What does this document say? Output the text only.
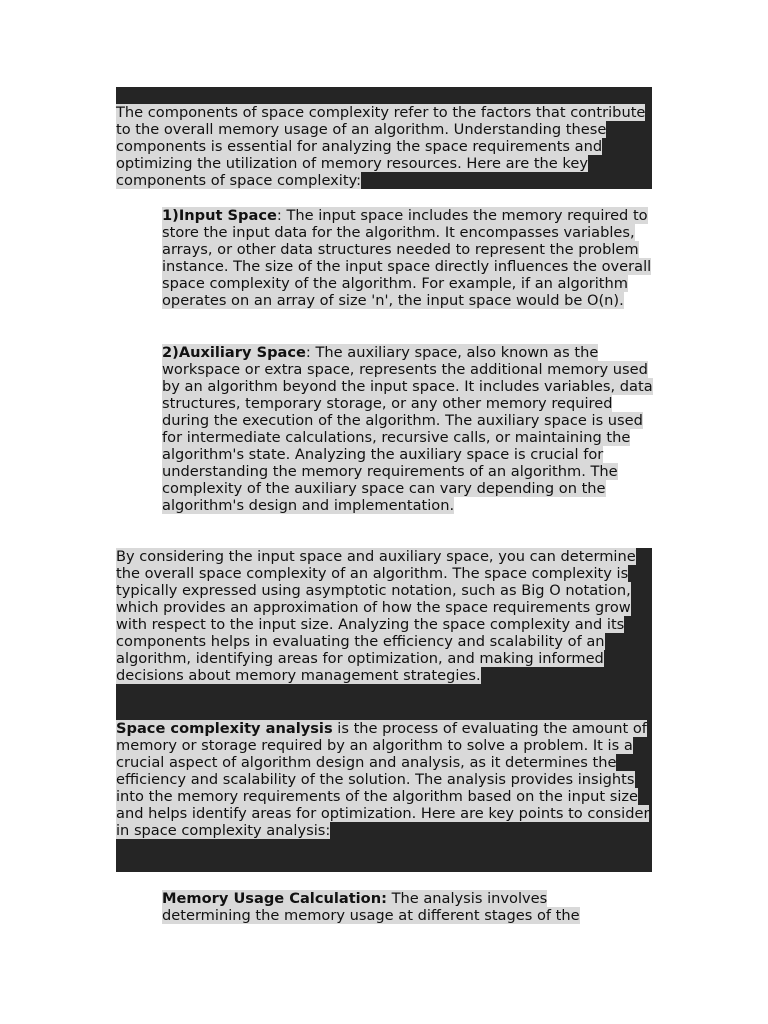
The components of space complexity refer to the factors that contribute to the overall memory usage of an algorithm. Understanding these components is essential for analyzing the space requirements and optimizing the utilization of memory resources. Here are the key components of space complexity:

1)Input Space: The input space includes the memory required to store the input data for the algorithm. It encompasses variables, arrays, or other data structures needed to represent the problem instance. The size of the input space directly influences the overall space complexity of the algorithm. For example, if an algorithm operates on an array of size 'n', the input space would be O(n).

2)Auxiliary Space: The auxiliary space, also known as the workspace or extra space, represents the additional memory used by an algorithm beyond the input space. It includes variables, data structures, temporary storage, or any other memory required during the execution of the algorithm. The auxiliary space is used for intermediate calculations, recursive calls, or maintaining the algorithm's state. Analyzing the auxiliary space is crucial for understanding the memory requirements of an algorithm. The complexity of the auxiliary space can vary depending on the algorithm's design and implementation.

By considering the input space and auxiliary space, you can determine the overall space complexity of an algorithm. The space complexity is typically expressed using asymptotic notation, such as Big O notation, which provides an approximation of how the space requirements grow with respect to the input size. Analyzing the space complexity and its components helps in evaluating the efficiency and scalability of an algorithm, identifying areas for optimization, and making informed decisions about memory management strategies.

Space complexity analysis is the process of evaluating the amount of memory or storage required by an algorithm to solve a problem. It is a crucial aspect of algorithm design and analysis, as it determines the efficiency and scalability of the solution. The analysis provides insights into the memory requirements of the algorithm based on the input size and helps identify areas for optimization. Here are key points to consider in space complexity analysis:

Memory Usage Calculation: The analysis involves determining the memory usage at different stages of the
